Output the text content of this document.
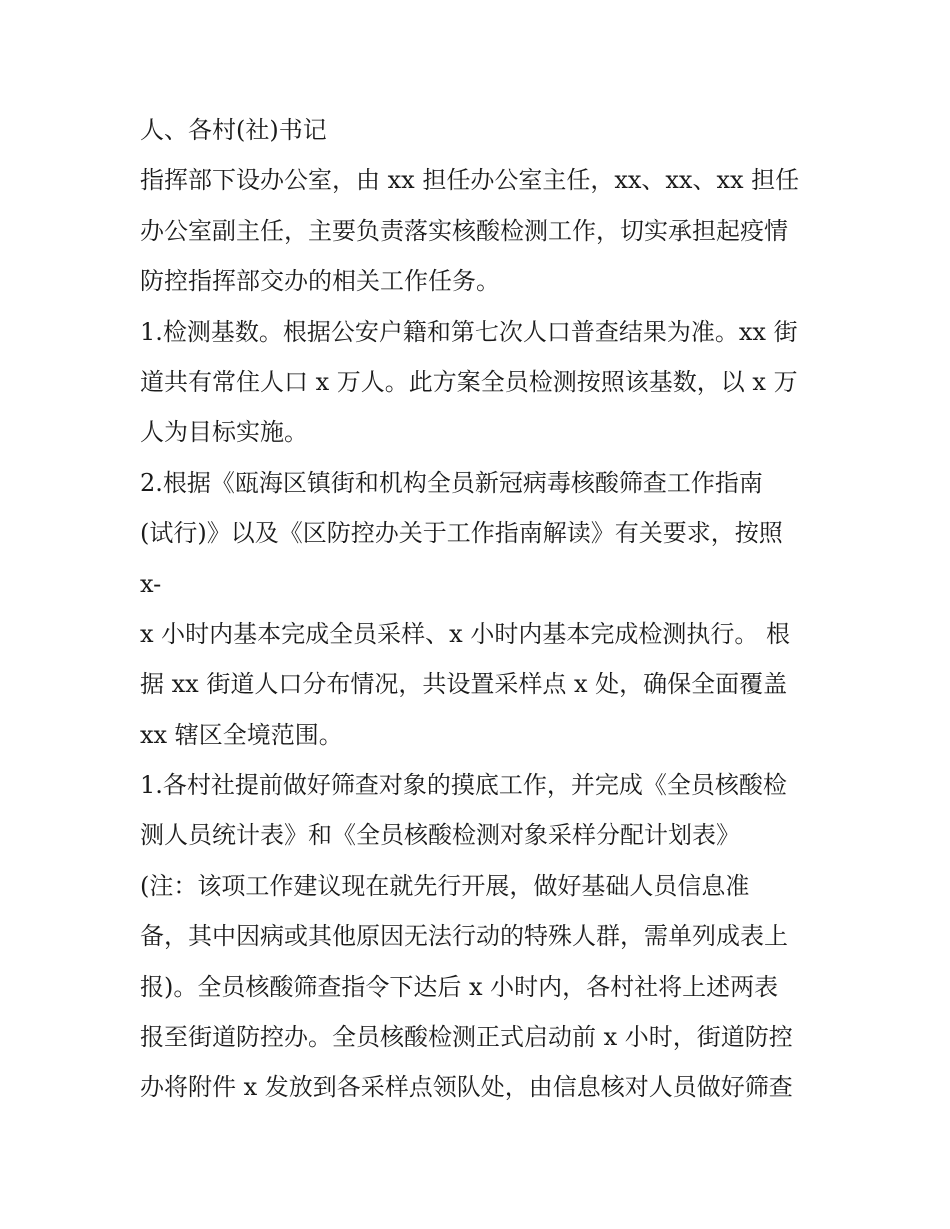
人、各村(社)书记
指挥部下设办公室，由 xx 担任办公室主任，xx、xx、xx 担任
办公室副主任，主要负责落实核酸检测工作，切实承担起疫情
防控指挥部交办的相关工作任务。
1.检测基数。根据公安户籍和第七次人口普查结果为准。xx 街
道共有常住人口 x 万人。此方案全员检测按照该基数，以 x 万
人为目标实施。
2.根据《瓯海区镇街和机构全员新冠病毒核酸筛查工作指南
(试行)》以及《区防控办关于工作指南解读》有关要求，按照
x-
x 小时内基本完成全员采样、x 小时内基本完成检测执行。 根
据 xx 街道人口分布情况，共设置采样点 x 处，确保全面覆盖
xx 辖区全境范围。
1.各村社提前做好筛查对象的摸底工作，并完成《全员核酸检
测人员统计表》和《全员核酸检测对象采样分配计划表》
(注：该项工作建议现在就先行开展，做好基础人员信息准
备，其中因病或其他原因无法行动的特殊人群，需单列成表上
报)。全员核酸筛查指令下达后 x 小时内，各村社将上述两表
报至街道防控办。全员核酸检测正式启动前 x 小时，街道防控
办将附件 x 发放到各采样点领队处，由信息核对人员做好筛查
